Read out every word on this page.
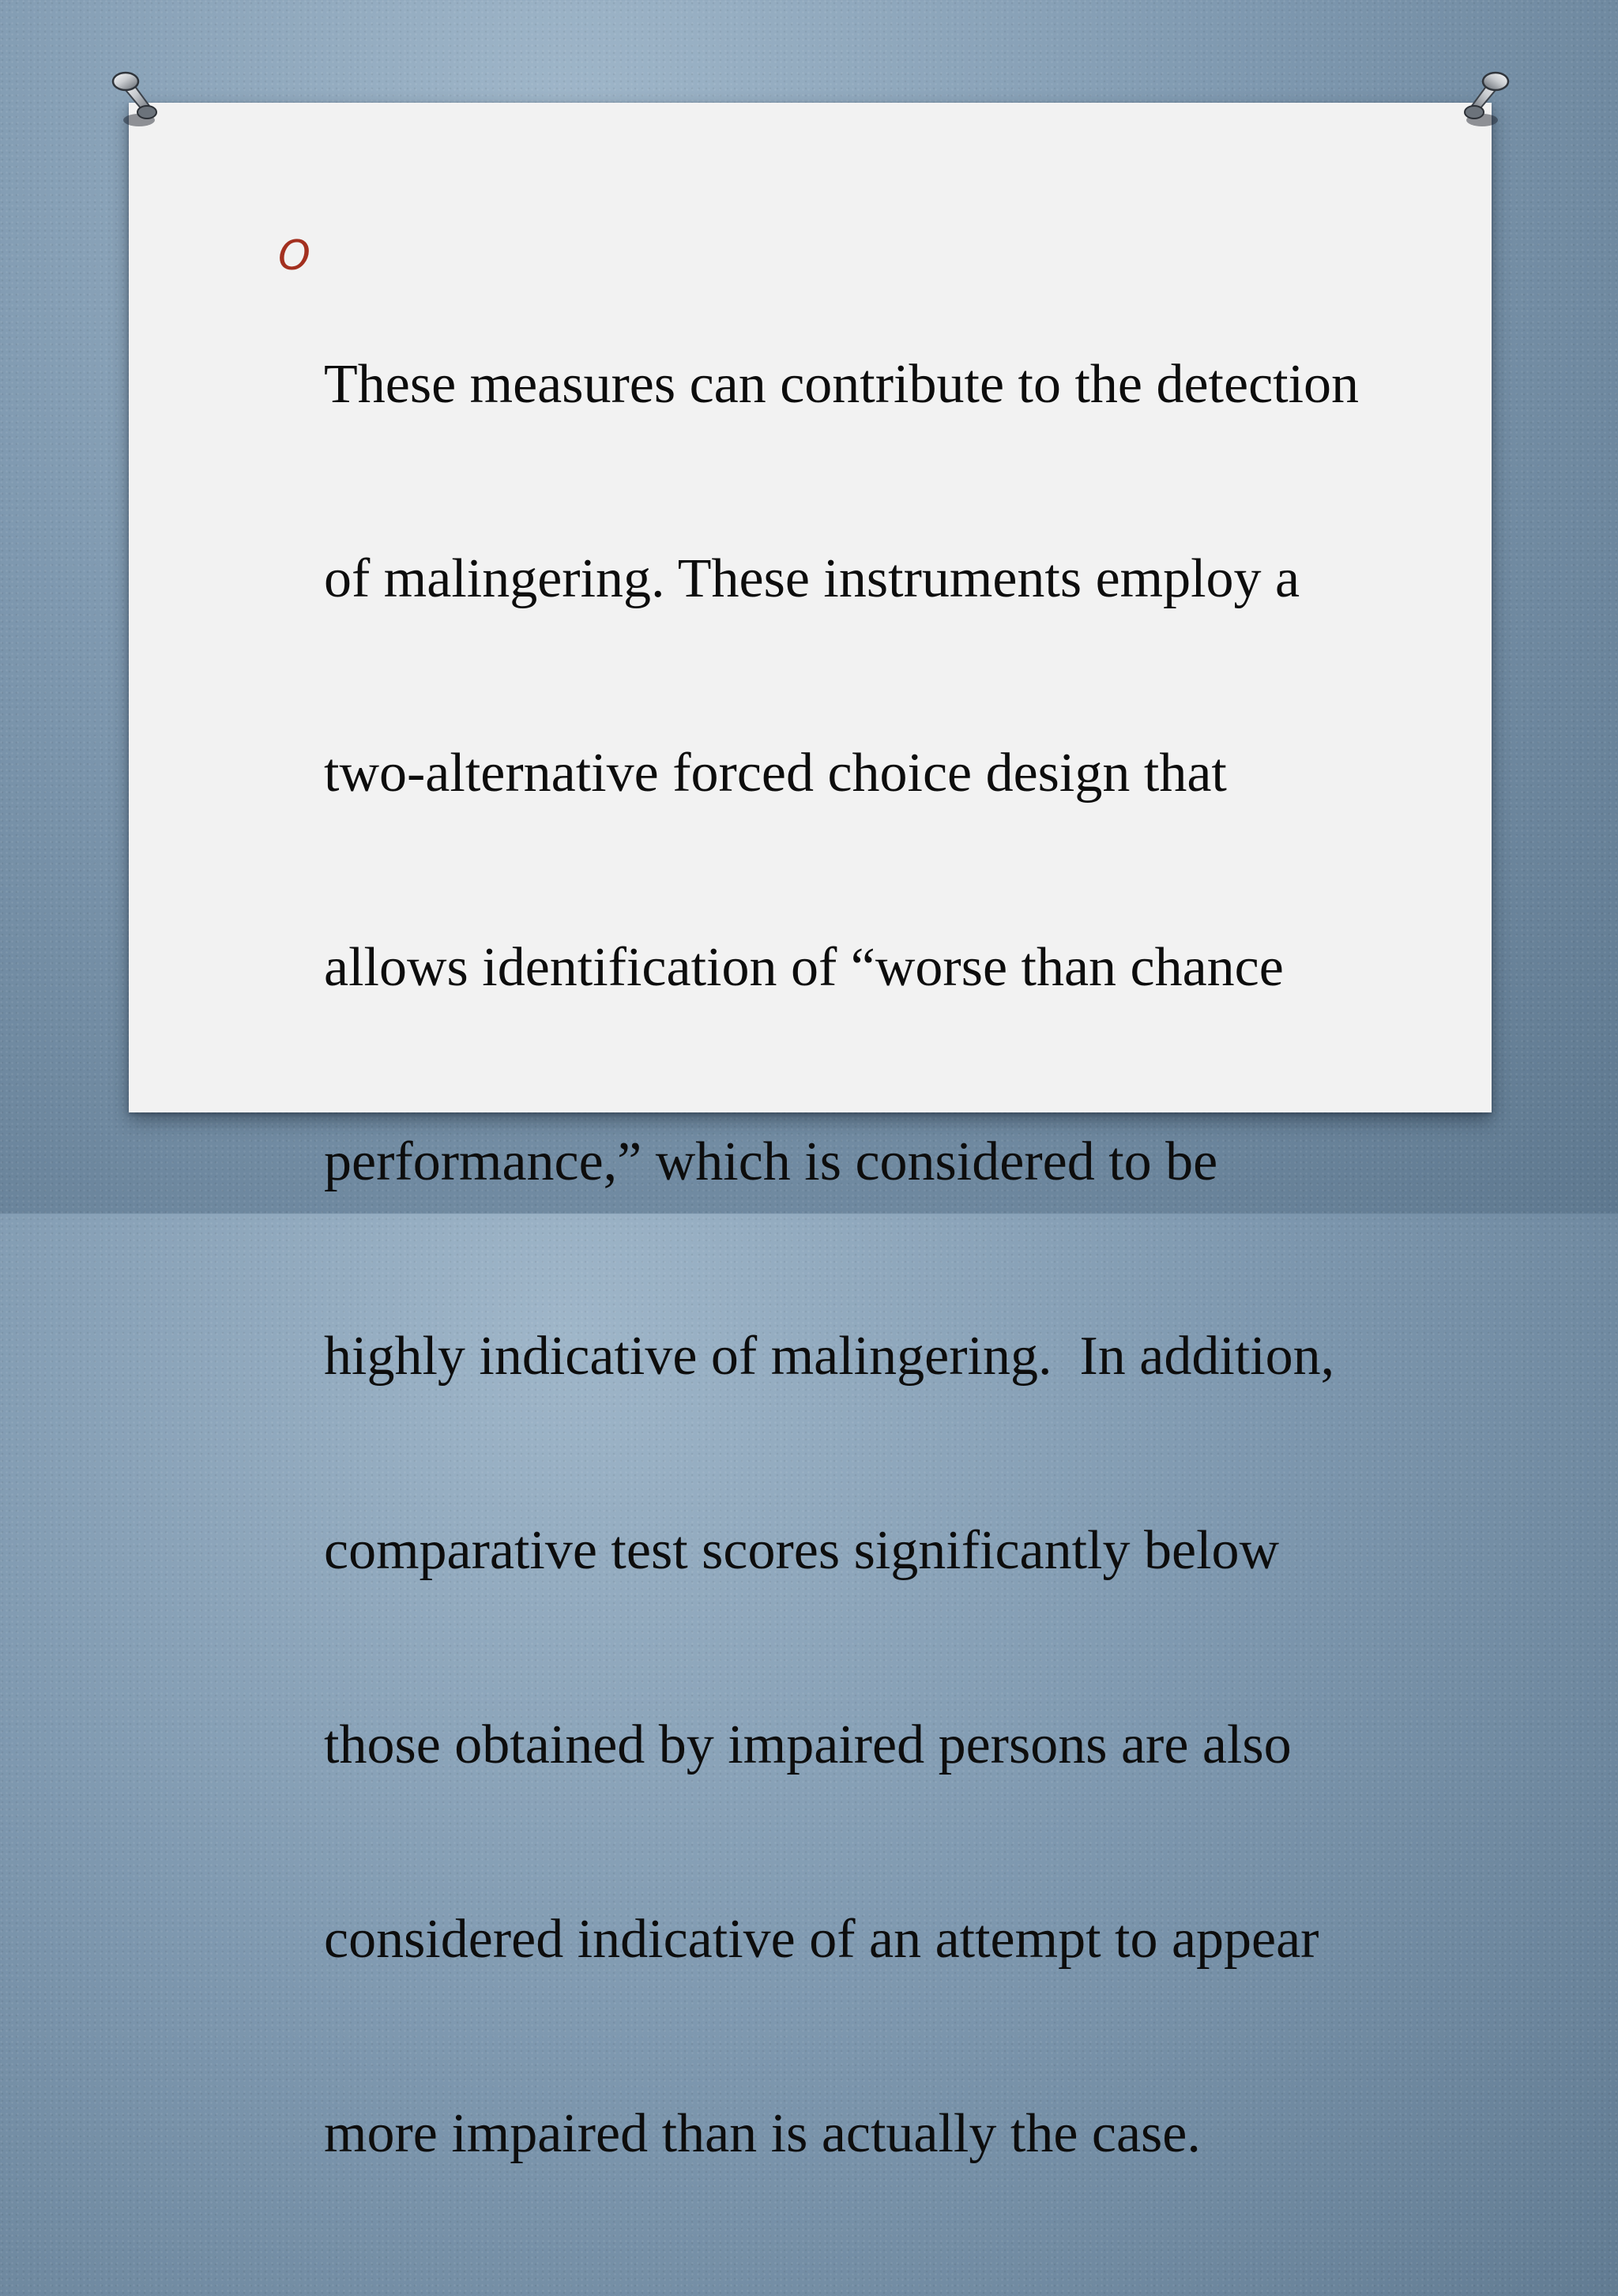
O

These measures can contribute to the detection

of malingering. These instruments employ a

two-alternative forced choice design that

allows identification of “worse than chance

performance,” which is considered to be

highly indicative of malingering.  In addition,

comparative test scores significantly below

those obtained by impaired persons are also

considered indicative of an attempt to appear

more impaired than is actually the case.
